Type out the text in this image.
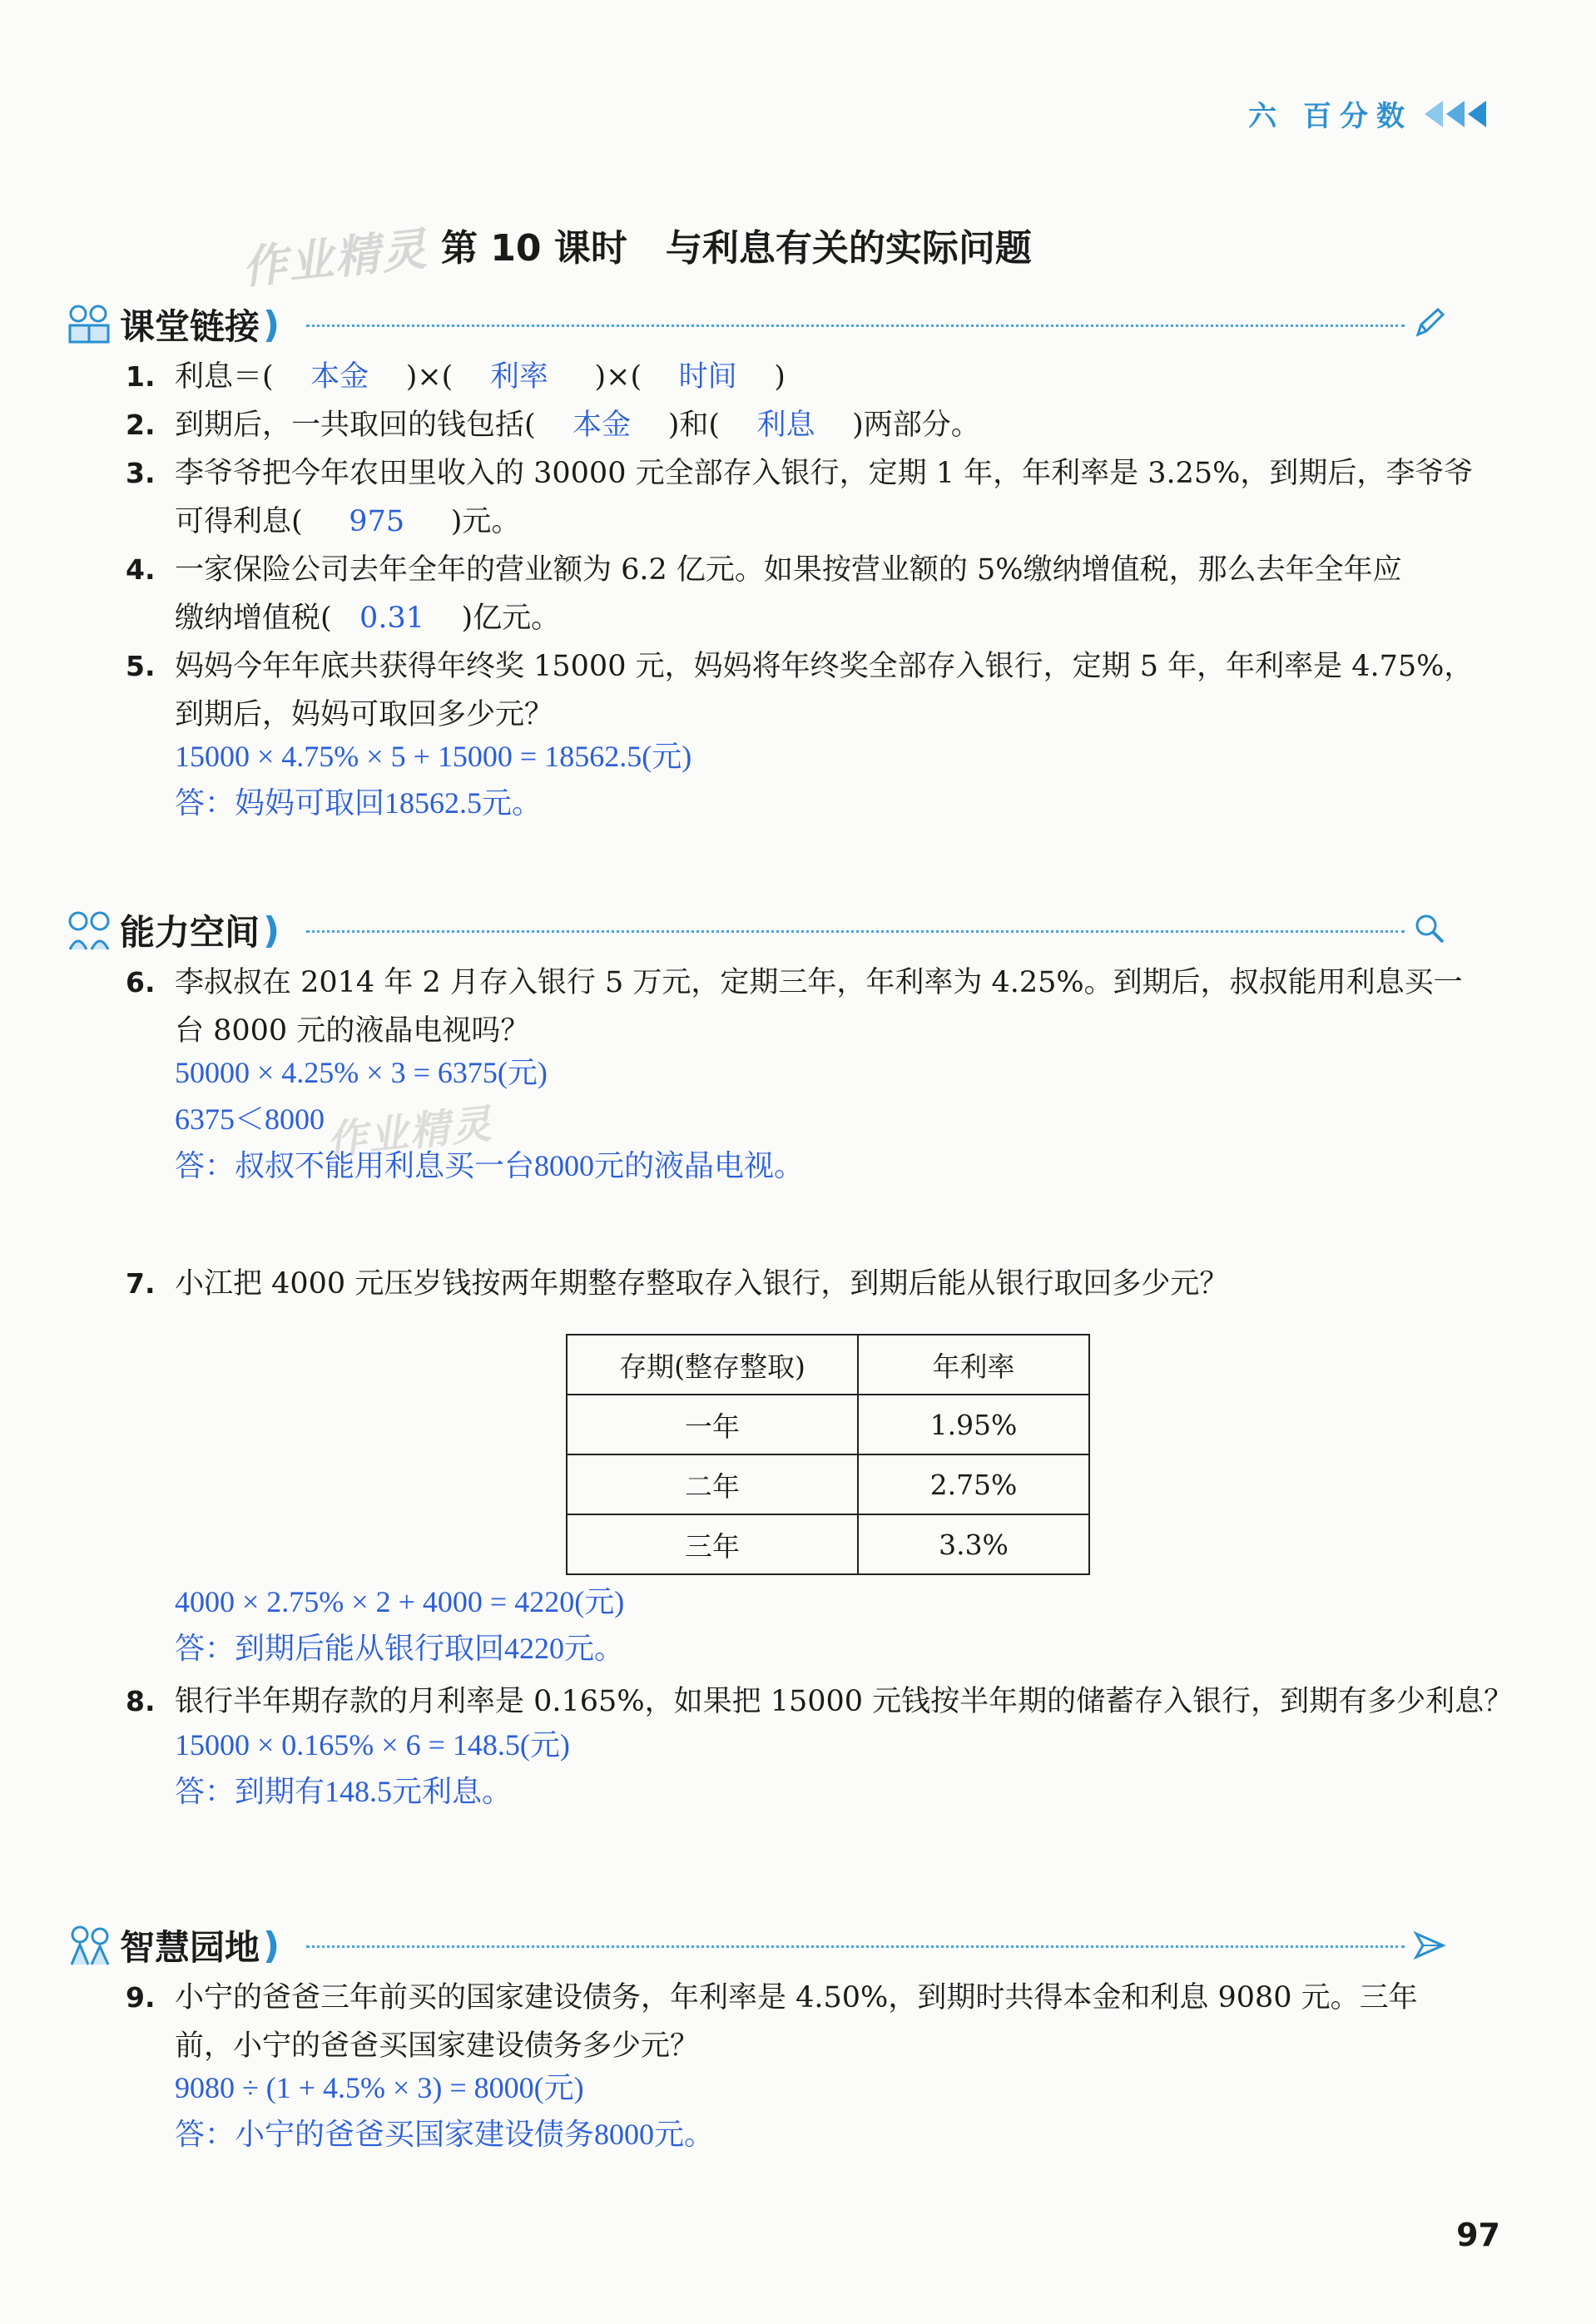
六 百分数
作业精灵
作业精灵
第 10 课时   与利息有关的实际问题
课堂链接 )
1. 利息＝( 本金 )×( 利率 )×( 时间 )
2. 到期后，一共取回的钱包括( 本金 )和( 利息 )两部分。
3. 李爷爷把今年农田里收入的 30000 元全部存入银行，定期 1 年，年利率是 3.25%，到期后，李爷爷
可得利息( 975 )元。
4. 一家保险公司去年全年的营业额为 6.2 亿元。如果按营业额的 5%缴纳增值税，那么去年全年应
缴纳增值税( 0.31 )亿元。
5. 妈妈今年年底共获得年终奖 15000 元，妈妈将年终奖全部存入银行，定期 5 年，年利率是 4.75%，
到期后，妈妈可取回多少元？
15000 × 4.75% × 5 + 15000 = 18562.5(元)
答：妈妈可取回18562.5元。
能力空间 )
6. 李叔叔在 2014 年 2 月存入银行 5 万元，定期三年，年利率为 4.25%。到期后，叔叔能用利息买一
台 8000 元的液晶电视吗？
50000 × 4.25% × 3 = 6375(元)
6375＜8000
答：叔叔不能用利息买一台8000元的液晶电视。
7. 小江把 4000 元压岁钱按两年期整存整取存入银行，到期后能从银行取回多少元？
存期(整存整取)	年利率
一年	1.95%
二年	2.75%
三年	3.3%
4000 × 2.75% × 2 + 4000 = 4220(元)
答：到期后能从银行取回4220元。
8. 银行半年期存款的月利率是 0.165%，如果把 15000 元钱按半年期的储蓄存入银行，到期有多少利息？
15000 × 0.165% × 6 = 148.5(元)
答：到期有148.5元利息。
智慧园地 )
9. 小宁的爸爸三年前买的国家建设债务，年利率是 4.50%，到期时共得本金和利息 9080 元。三年
前，小宁的爸爸买国家建设债务多少元？
9080 ÷ (1 + 4.5% × 3) = 8000(元)
答：小宁的爸爸买国家建设债务8000元。
97
